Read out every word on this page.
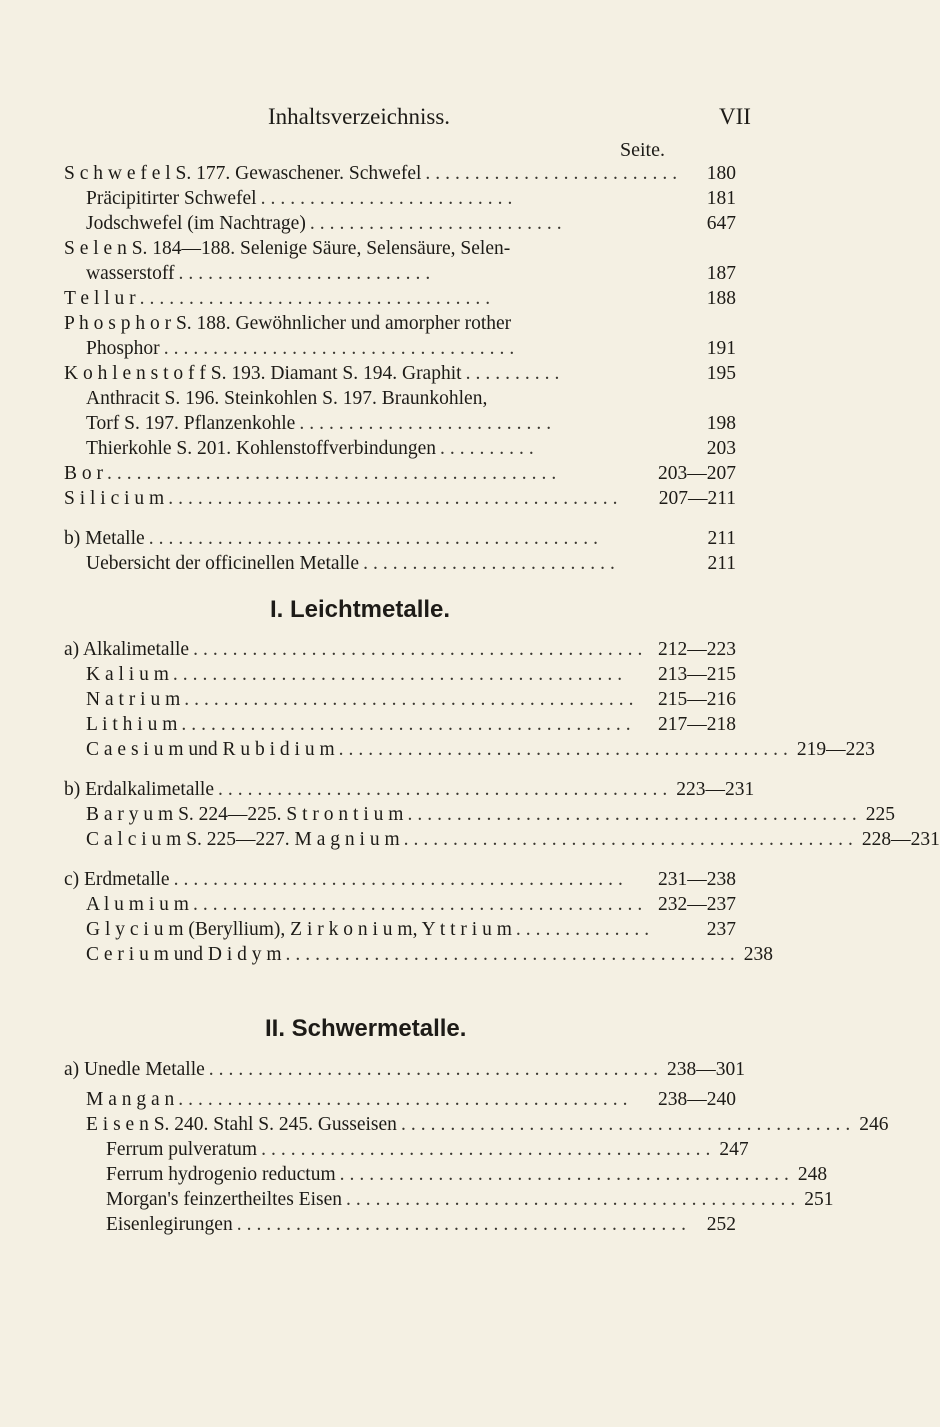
Inhaltsverzeichniss.	VII
Seite.
S c h w e f e l S. 177. Gewaschener. Schwefel ..........................	180
Präcipitirter Schwefel ..........................	181
Jodschwefel (im Nachtrage) ..........................	647
S e l e n S. 184—188. Selenige Säure, Selensäure, Selen-
wasserstoff ..........................	187
T e l l u r ....................................	188
P h o s p h o r S. 188. Gewöhnlicher und amorpher rother
Phosphor ....................................	191
K o h l e n s t o f f S. 193. Diamant S. 194. Graphit ..........	195
Anthracit S. 196. Steinkohlen S. 197. Braunkohlen,
Torf S. 197. Pflanzenkohle ..........................	198
Thierkohle S. 201. Kohlenstoffverbindungen ..........	203
B o r ..............................................	203—207
S i l i c i u m ..............................................	207—211
b) Metalle ..............................................	211
Uebersicht der officinellen Metalle ..........................	211
I. Leichtmetalle.
a) Alkalimetalle .............................................. 212—223
K a l i u m ..............................................	213—215
N a t r i u m ..............................................	215—216
L i t h i u m ..............................................	217—218
C a e s i u m und R u b i d i u m .............................................. 219—223
b) Erdalkalimetalle .............................................. 223—231
B a r y u m S. 224—225. S t r o n t i u m .............................................. 225
C a l c i u m S. 225—227. M a g n i u m .............................................. 228—231
c) Erdmetalle ..............................................	231—238
A l u m i u m .............................................. 232—237
G l y c i u m (Beryllium), Z i r k o n i u m, Y t t r i u m ..............	237
C e r i u m und D i d y m .............................................. 238
II. Schwermetalle.
a) Unedle Metalle .............................................. 238—301
M a n g a n ..............................................	238—240
E i s e n S. 240. Stahl S. 245. Gusseisen .............................................. 246
Ferrum pulveratum .............................................. 247
Ferrum hydrogenio reductum .............................................. 248
Morgan's feinzertheiltes Eisen .............................................. 251
Eisenlegirungen .............................................. 252
